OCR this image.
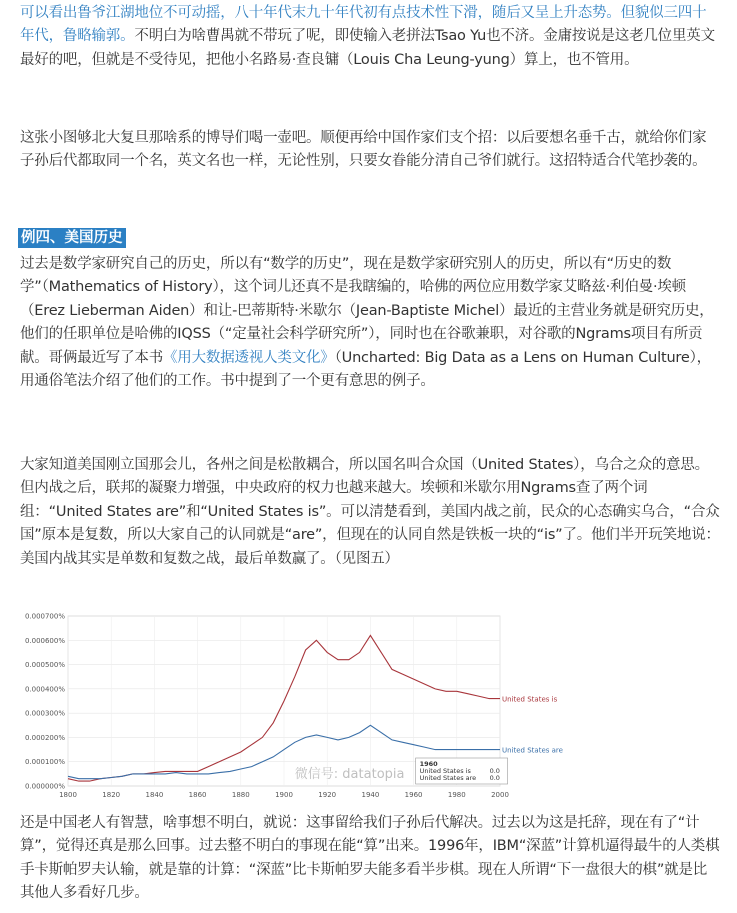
可以看出鲁爷江湖地位不可动摇，八十年代末九十年代初有点技术性下滑，随后又呈上升态势。但貌似三四十年代，鲁略输郭。不明白为啥曹禺就不带玩了呢，即使输入老拼法Tsao Yu也不济。金庸按说是这老几位里英文最好的吧，但就是不受待见，把他小名路易·查良镛（Louis Cha Leung-yung）算上，也不管用。

这张小图够北大复旦那啥系的博导们喝一壶吧。顺便再给中国作家们支个招：以后要想名垂千古，就给你们家子孙后代都取同一个名，英文名也一样，无论性别，只要女眷能分清自己爷们就行。这招特适合代笔抄袭的。

例四、美国历史

过去是数学家研究自己的历史，所以有“数学的历史”，现在是数学家研究别人的历史，所以有“历史的数学”（Mathematics of History），这个词儿还真不是我瞎编的，哈佛的两位应用数学家艾略兹·利伯曼·埃顿（Erez Lieberman Aiden）和让-巴蒂斯特·米歇尔（Jean-Baptiste Michel）最近的主营业务就是研究历史，他们的任职单位是哈佛的IQSS（“定量社会科学研究所”），同时也在谷歌兼职，对谷歌的Ngrams项目有所贡献。哥俩最近写了本书《用大数据透视人类文化》（Uncharted: Big Data as a Lens on Human Culture），用通俗笔法介绍了他们的工作。书中提到了一个更有意思的例子。

大家知道美国刚立国那会儿，各州之间是松散耦合，所以国名叫合众国（United States），乌合之众的意思。但内战之后，联邦的凝聚力增强，中央政府的权力也越来越大。埃顿和米歇尔用Ngrams查了两个词组：“United States are”和“United States is”。可以清楚看到，美国内战之前，民众的心态确实乌合，“合众国”原本是复数，所以大家自己的认同就是“are”，但现在的认同自然是铁板一块的“is”了。他们半开玩笑地说：美国内战其实是单数和复数之战，最后单数赢了。（见图五）

0.000000%
0.000100%
0.000200%
0.000300%
0.000400%
0.000500%
0.000600%
0.000700%
1800	1820	1840	1860	1880	1900	1920	1940	1960	1980	2000
United States is
United States are
1960
United States is
United States are
0.0
0.0
微信号: datatopia

还是中国老人有智慧，啥事想不明白，就说：这事留给我们子孙后代解决。过去以为这是托辞，现在有了“计算”，觉得还真是那么回事。过去整不明白的事现在能“算”出来。1996年，IBM“深蓝”计算机逼得最牛的人类棋手卡斯帕罗夫认输，就是靠的计算：“深蓝”比卡斯帕罗夫能多看半步棋。现在人所谓“下一盘很大的棋”就是比其他人多看好几步。
